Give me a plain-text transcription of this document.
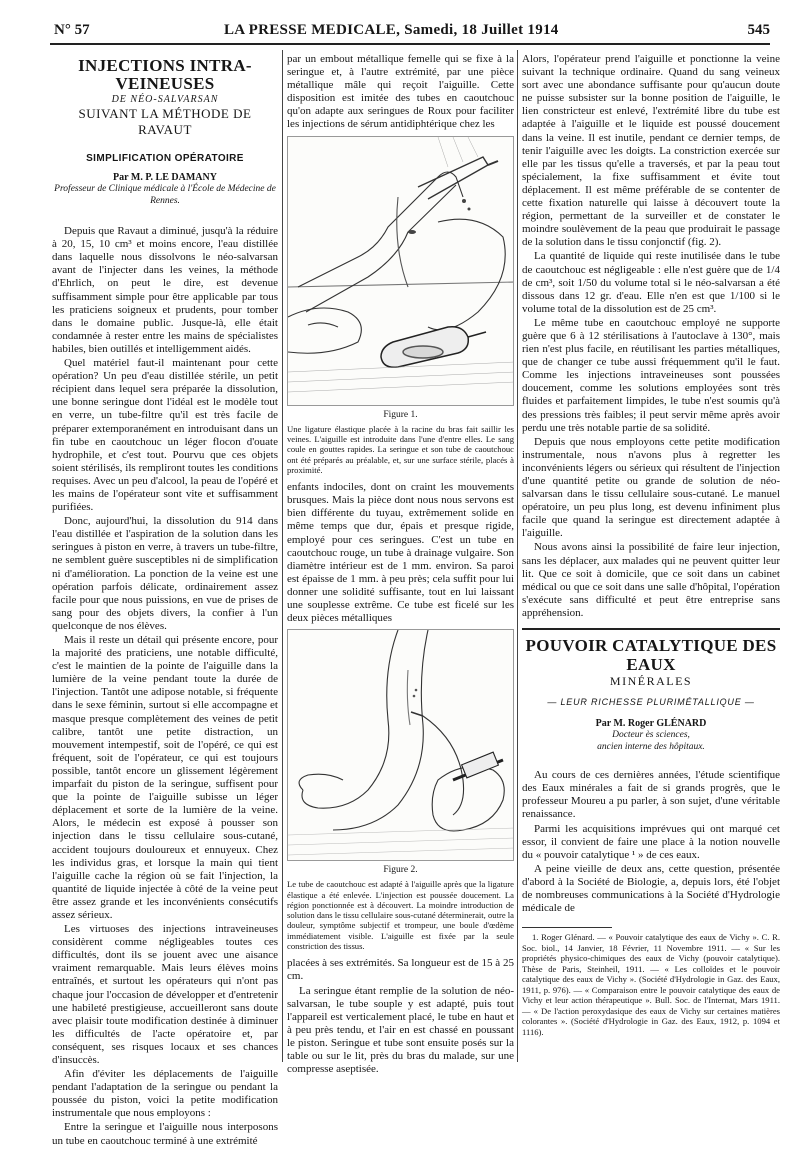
N° 57	LA PRESSE MEDICALE, Samedi, 18 Juillet 1914	545
INJECTIONS INTRA-VEINEUSES
DE NÉO-SALVARSAN
SUIVANT LA MÉTHODE DE RAVAUT
SIMPLIFICATION OPÉRATOIRE
Par M. P. LE DAMANY
Professeur de Clinique médicale à l'École de Médecine de Rennes.

Depuis que Ravaut a diminué, jusqu'à la réduire à 20, 15, 10 cm³ et moins encore, l'eau distillée dans laquelle nous dissolvons le néo-salvarsan avant de l'injecter dans les veines, la méthode d'Ehrlich, on peut le dire, est devenue suffisamment simple pour être applicable par tous les praticiens soigneux et prudents, pour tomber dans le domaine public. Jusque-là, elle était condamnée à rester entre les mains de spécialistes habiles, bien outillés et intelligemment aidés.

Quel matériel faut-il maintenant pour cette opération? Un peu d'eau distillée stérile, un petit récipient dans lequel sera préparée la dissolution, une bonne seringue dont l'idéal est le modèle tout en verre, un tube-filtre qu'il est très facile de préparer extemporanément en introduisant dans un fin tube en caoutchouc un léger flocon d'ouate hydrophile, et c'est tout. Pourvu que ces objets soient stérilisés, ils rempliront toutes les conditions requises. Avec un peu d'alcool, la peau de l'opéré et les mains de l'opérateur sont vite et suffisamment purifiées.

Donc, aujourd'hui, la dissolution du 914 dans l'eau distillée et l'aspiration de la solution dans les seringues à piston en verre, à travers un tube-filtre, ne semblent guère susceptibles ni de simplification ni d'amélioration. La ponction de la veine est une opération parfois délicate, ordinairement assez facile pour que nous puissions, en vue de prises de sang pour des objets divers, la confier à l'un quelconque de nos élèves.

Mais il reste un détail qui présente encore, pour la majorité des praticiens, une notable difficulté, c'est le maintien de la pointe de l'aiguille dans la lumière de la veine pendant toute la durée de l'injection. Tantôt une adipose notable, si fréquente dans le sexe féminin, surtout si elle accompagne et masque presque complètement des veines de petit calibre, tantôt une petite distraction, un mouvement intempestif, soit de l'opéré, ce qui est fréquent, soit de l'opérateur, ce qui est toujours possible, tantôt encore un glissement légèrement imparfait du piston de la seringue, suffisent pour que la pointe de l'aiguille subisse un léger déplacement et sorte de la lumière de la veine. Alors, le médecin est exposé à pousser son injection dans le tissu cellulaire sous-cutané, accident toujours douloureux et ennuyeux. Chez les individus gras, et lorsque la main qui tient l'aiguille cache la région où se fait l'injection, la quantité de liquide injectée à côté de la veine peut être assez grande et les inconvénients consécutifs assez sérieux.

Les virtuoses des injections intraveineuses considèrent comme négligeables toutes ces difficultés, dont ils se jouent avec une aisance vraiment remarquable. Mais leurs élèves moins entraînés, et surtout les opérateurs qui n'ont pas chaque jour l'occasion de développer et d'entretenir une habileté prestigieuse, accueilleront sans doute avec plaisir toute modification destinée à diminuer les difficultés de l'acte opératoire et, par conséquent, ses risques locaux et ses chances d'insuccès.

Afin d'éviter les déplacements de l'aiguille pendant l'adaptation de la seringue ou pendant la poussée du piston, voici la petite modification instrumentale que nous employons :

Entre la seringue et l'aiguille nous interposons un tube en caoutchouc terminé à une extrémité

par un embout métallique femelle qui se fixe à la seringue et, à l'autre extrémité, par une pièce métallique mâle qui reçoit l'aiguille. Cette disposition est imitée des tubes en caoutchouc qu'on adapte aux seringues de Roux pour faciliter les injections de sérum antidiphtérique chez les

Figure 1.
Une ligature élastique placée à la racine du bras fait saillir les veines. L'aiguille est introduite dans l'une d'entre elles. Le sang coule en gouttes rapides. La seringue et son tube de caoutchouc ont été préparés au préalable, et, sur une surface stérile, placés à proximité.

enfants indociles, dont on craint les mouvements brusques. Mais la pièce dont nous nous servons est bien différente du tuyau, extrêmement solide en même temps que dur, épais et presque rigide, employé pour ces seringues. C'est un tube en caoutchouc rouge, un tube à drainage vulgaire. Son diamètre intérieur est de 1 mm. environ. Sa paroi est épaisse de 1 mm. à peu près; cela suffit pour lui donner une solidité suffisante, tout en lui laissant une souplesse extrême. Ce tube est ficelé sur les deux pièces métalliques

Figure 2.
Le tube de caoutchouc est adapté à l'aiguille après que la ligature élastique a été enlevée. L'injection est poussée doucement. La région ponctionnée est à découvert. La moindre introduction de solution dans le tissu cellulaire sous-cutané déterminerait, outre la douleur, symptôme subjectif et trompeur, une boule d'œdème immédiatement visible. L'aiguille est fixée par la seule constriction des tissus.

placées à ses extrémités. Sa longueur est de 15 à 25 cm.

La seringue étant remplie de la solution de néo-salvarsan, le tube souple y est adapté, puis tout l'appareil est verticalement placé, le tube en haut et à peu près tendu, et l'air en est chassé en poussant le piston. Seringue et tube sont ensuite posés sur la table ou sur le lit, près du bras du malade, sur une compresse aseptisée.

Alors, l'opérateur prend l'aiguille et ponctionne la veine suivant la technique ordinaire. Quand du sang veineux sort avec une abondance suffisante pour qu'aucun doute ne puisse subsister sur la bonne position de l'aiguille, le lien constricteur est enlevé, l'extrémité libre du tube est adaptée à l'aiguille et le liquide est poussé doucement dans la veine. Il est inutile, pendant ce dernier temps, de tenir l'aiguille avec les doigts. La constriction exercée sur elle par les tissus qu'elle a traversés, et par la peau tout spécialement, la fixe suffisamment et évite tout déplacement. Il est même préférable de se contenter de cette fixation naturelle qui laisse à découvert toute la région, permettant de la surveiller et de constater le moindre soulèvement de la peau que produirait le passage de la solution dans le tissu conjonctif (fig. 2).

La quantité de liquide qui reste inutilisée dans le tube de caoutchouc est négligeable : elle n'est guère que de 1/4 de cm³, soit 1/50 du volume total si le néo-salvarsan a été dissous dans 12 gr. d'eau. Elle n'en est que 1/100 si le volume total de la dissolution est de 25 cm³.

Le même tube en caoutchouc employé ne supporte guère que 6 à 12 stérilisations à l'autoclave à 130°, mais rien n'est plus facile, en réutilisant les parties métalliques, que de changer ce tube aussi fréquemment qu'il le faut. Comme les injections intraveineuses sont poussées doucement, comme les solutions employées sont très fluides et parfaitement limpides, le tube n'est soumis qu'à des pressions très faibles; il peut servir même après avoir perdu une très notable partie de sa solidité.

Depuis que nous employons cette petite modification instrumentale, nous n'avons plus à regretter les inconvénients légers ou sérieux qui résultent de l'injection d'une quantité petite ou grande de solution de néo-salvarsan dans le tissu cellulaire sous-cutané. Le manuel opératoire, un peu plus long, est devenu infiniment plus facile que quand la seringue est directement adaptée à l'aiguille.

Nous avons ainsi la possibilité de faire leur injection, sans les déplacer, aux malades qui ne peuvent quitter leur lit. Que ce soit à domicile, que ce soit dans un cabinet médical ou que ce soit dans une salle d'hôpital, l'opération s'exécute sans difficulté et peut être entreprise sans appréhension.

POUVOIR CATALYTIQUE DES EAUX
MINÉRALES
— LEUR RICHESSE PLURIMÉTALLIQUE —
Par M. Roger GLÉNARD
Docteur ès sciences,
ancien interne des hôpitaux.

Au cours de ces dernières années, l'étude scientifique des Eaux minérales a fait de si grands progrès, que le professeur Moureu a pu parler, à son sujet, d'une véritable renaissance.

Parmi les acquisitions imprévues qui ont marqué cet essor, il convient de faire une place à la notion nouvelle du « pouvoir catalytique ¹ » de ces eaux.

A peine vieille de deux ans, cette question, présentée d'abord à la Société de Biologie, a, depuis lors, été l'objet de nombreuses communications à la Société d'Hydrologie médicale de

1. Roger Glénard. — « Pouvoir catalytique des eaux de Vichy ». C. R. Soc. biol., 14 Janvier, 18 Février, 11 Novembre 1911. — « Sur les propriétés physico-chimiques des eaux de Vichy (pouvoir catalytique). Thèse de Paris, Steinheil, 1911. — « Les colloïdes et le pouvoir catalytique des eaux de Vichy ». (Société d'Hydrologie in Gaz. des Eaux, 1911, p. 976). — « Comparaison entre le pouvoir catalytique des eaux de Vichy et leur action thérapeutique ». Bull. Soc. de l'Internat, Mars 1911. — « De l'action peroxydasique des eaux de Vichy sur certaines matières colorantes ». (Société d'Hydrologie in Gaz. des Eaux, 1912, p. 1094 et 1116).
